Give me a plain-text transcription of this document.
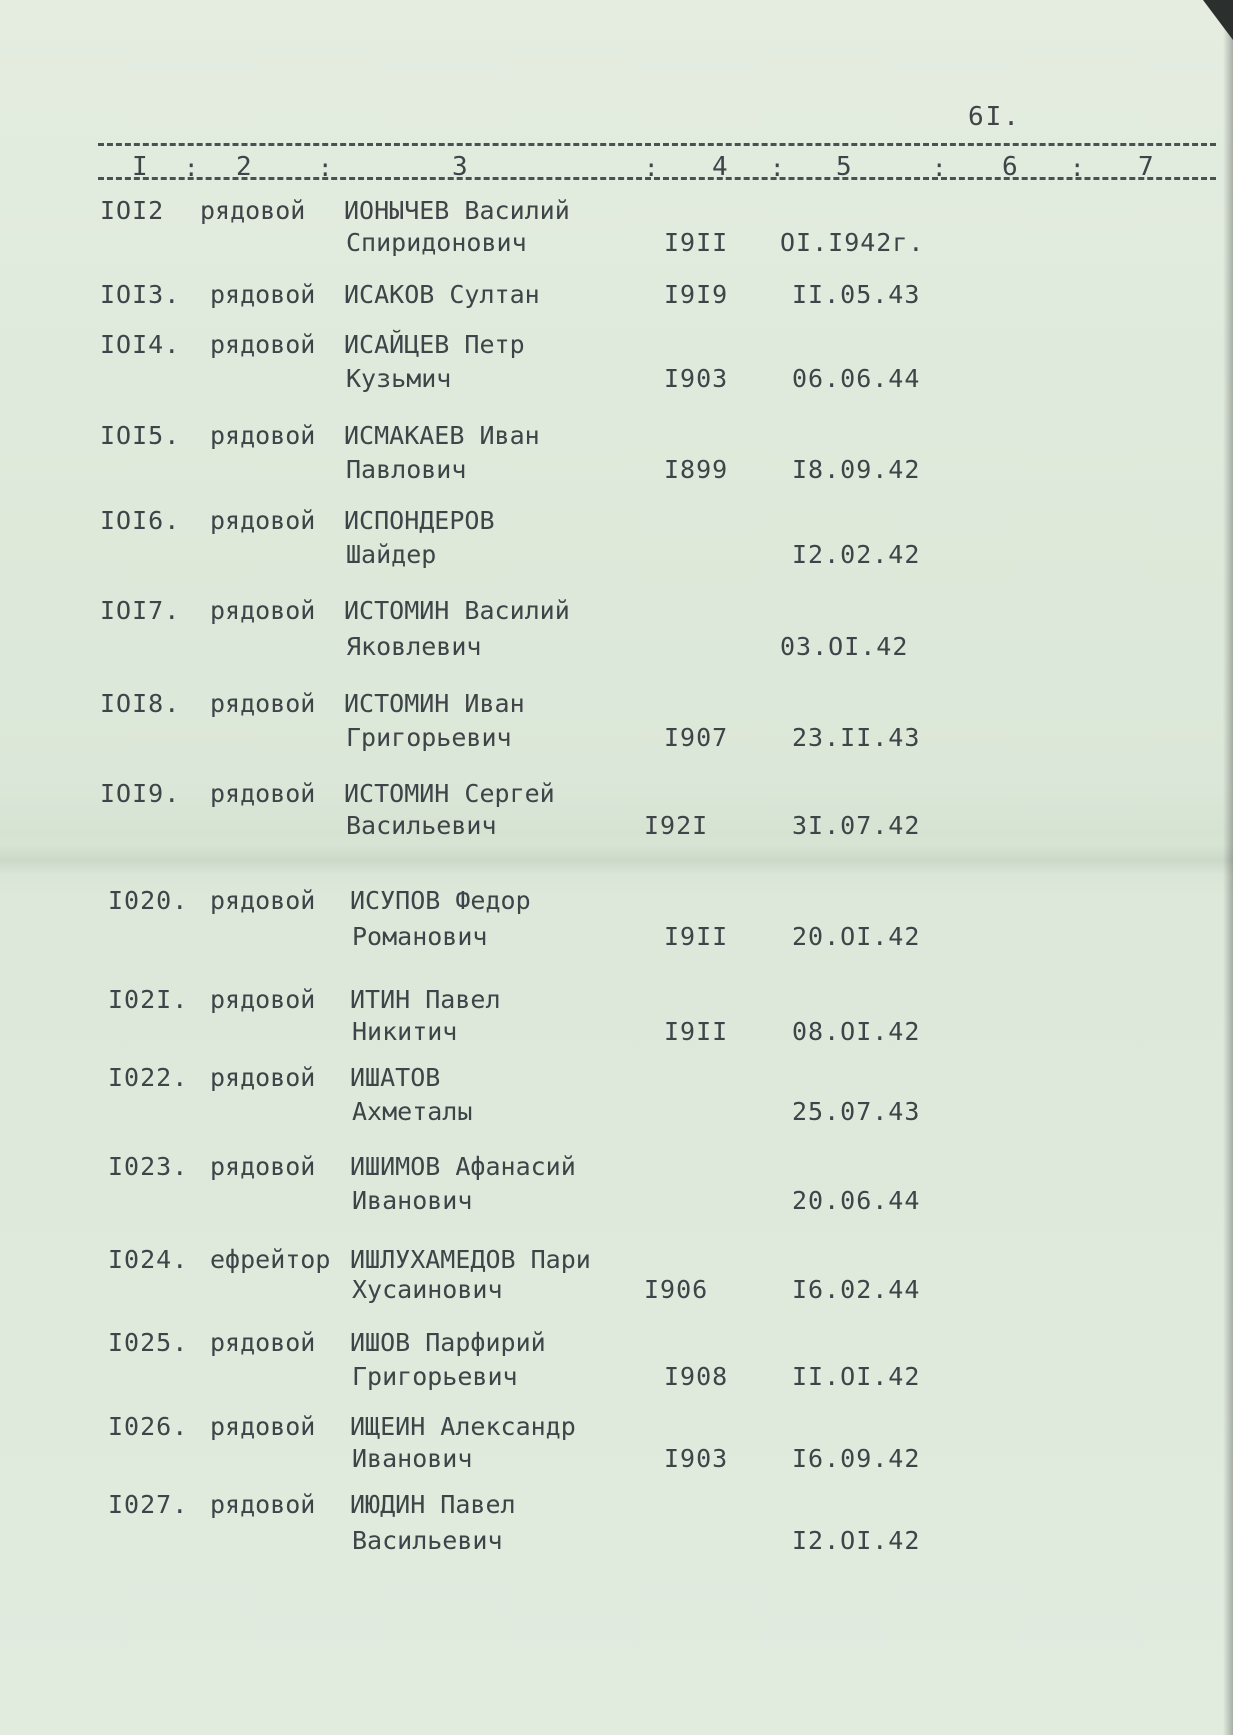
6I.
I	2	3	4	5	6	7
:	:	:	:	:	:
IOI2 рядовой ИОНЫЧЕВ Василий
Спиридонович	I9II OI.I942г.
IOI3. рядовой ИСАКОВ Султан	I9I9	II.05.43
IOI4. рядовой ИСАЙЦЕВ Петр
Кузьмич	I903	06.06.44
IOI5. рядовой ИСМАКАЕВ Иван
Павлович	I899	I8.09.42
IOI6. рядовой ИСПОНДЕРОВ
Шайдер	I2.02.42
IOI7. рядовой ИСТОМИН Василий
Яковлевич	03.OI.42
IOI8. рядовой ИСТОМИН Иван
Григорьевич	I907	23.II.43
IOI9. рядовой ИСТОМИН Сергей
Васильевич	I92I	3I.07.42
I020. рядовой ИСУПОВ Федор
Романович	I9II	20.OI.42
I02I. рядовой ИТИН Павел
Никитич	I9II	08.OI.42
I022. рядовой ИШАТОВ
Ахметалы	25.07.43
I023. рядовой ИШИМОВ Афанасий
Иванович	20.06.44
I024. ефрейтор ИШЛУХАМЕДОВ Пари
Хусаинович	I906	I6.02.44
I025. рядовой ИШОВ Парфирий
Григорьевич	I908	II.OI.42
I026. рядовой ИЩЕИН Александр
Иванович	I903	I6.09.42
I027. рядовой ИЮДИН Павел
Васильевич	I2.OI.42
